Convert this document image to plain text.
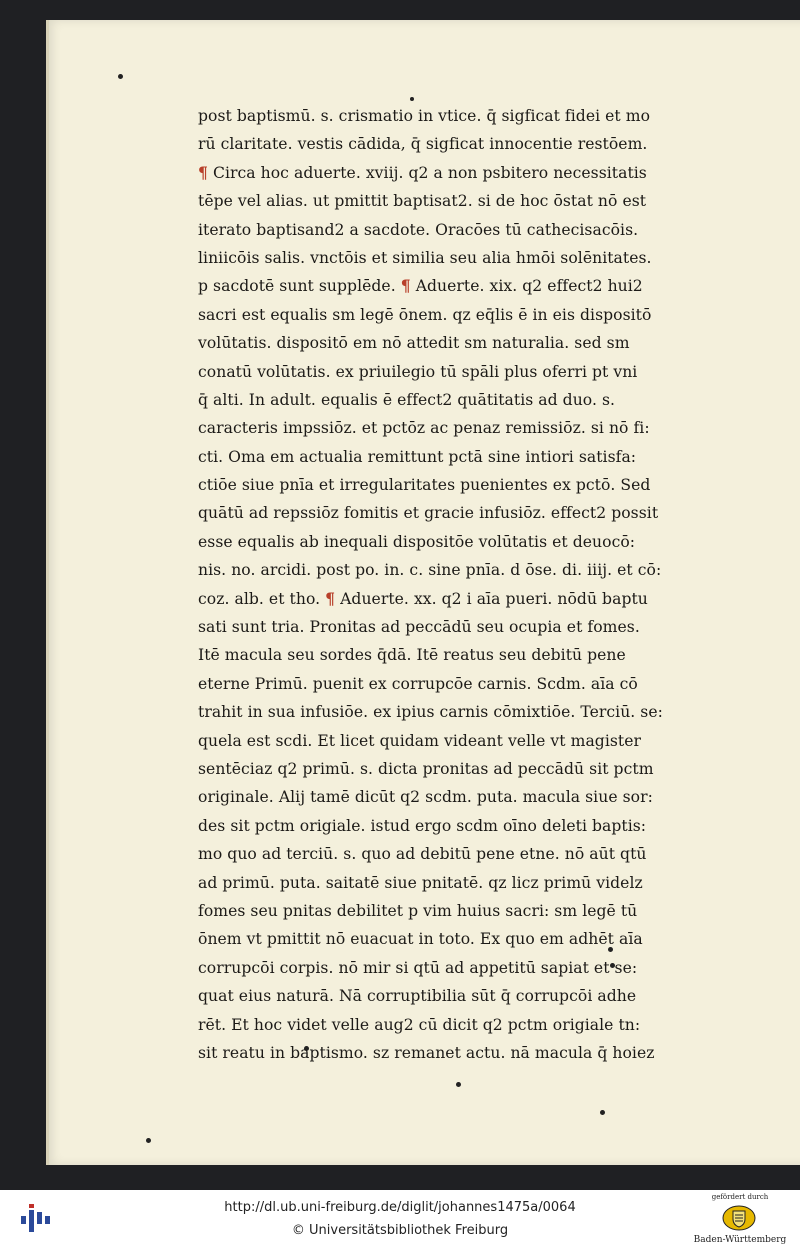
post baptismū. s. crismatio in vtice. q̄ sigficat fidei et mo
rū claritate. vestis cādida, q̄ sigficat innocentie restōem.
¶ Circa hoc aduerte. xviij. q2 a non psbitero necessitatis
tēpe vel alias. ut pmittit baptisat2. si de hoc ōstat nō est
iterato baptisand2 a sacdote. Oracōes tū cathecisacōis.
liniicōis salis. vnctōis et similia seu alia hmōi solēnitates.
p sacdotē sunt supplēde. ¶ Aduerte. xix. q2 effect2 hui2
sacri est equalis sm legē ōnem. qz eq̄lis ē in eis dispositō
volūtatis. dispositō em nō attedit sm naturalia. sed sm
conatū volūtatis. ex priuilegio tū spāli plus oferri pt vni
q̄ alti. In adult. equalis ē effect2 quātitatis ad duo. s.
caracteris impssiōz. et pctōz ac penaz remissiōz. si nō fi:
cti. Oma em actualia remittunt pctā sine intiori satisfa:
ctiōe siue pnīa et irregularitates puenientes ex pctō. Sed
quātū ad repssiōz fomitis et gracie infusiōz. effect2 possit
esse equalis ab inequali dispositōe volūtatis et deuocō:
nis. no. arcidi. post po. in. c. sine pnīa. d ōse. di. iiij. et cō:
coz. alb. et tho. ¶ Aduerte. xx. q2 i aīa pueri. nōdū baptu
sati sunt tria. Pronitas ad peccādū seu ocupia et fomes.
Itē macula seu sordes q̄dā. Itē reatus seu debitū pene
eterne Primū. puenit ex corrupcōe carnis. Scdm. aīa cō
trahit in sua infusiōe. ex ipius carnis cōmixtiōe. Terciū. se:
quela est scdi. Et licet quidam videant velle vt magister
sentēciaz q2 primū. s. dicta pronitas ad peccādū sit pctm
originale. Alij tamē dicūt q2 scdm. puta. macula siue sor:
des sit pctm origiale. istud ergo scdm oīno deleti baptis:
mo quo ad terciū. s. quo ad debitū pene etne. nō aūt qtū
ad primū. puta. saitatē siue pnitatē. qz licz primū videlz
fomes seu pnitas debilitet p vim huius sacri: sm legē tū
ōnem vt pmittit nō euacuat in toto. Ex quo em adhēt aīa
corrupcōi corpis. nō mir si qtū ad appetitū sapiat et se:
quat eius naturā. Nā corruptibilia sūt q̄ corrupcōi adhe
rēt. Et hoc videt velle aug2 cū dicit q2 pctm origiale tn:
sit reatu in baptismo. sz remanet actu. nā macula q̄ hoiez
http://dl.ub.uni-freiburg.de/diglit/johannes1475a/0064
© Universitätsbibliothek Freiburg
gefördert durch
Baden-Württemberg
